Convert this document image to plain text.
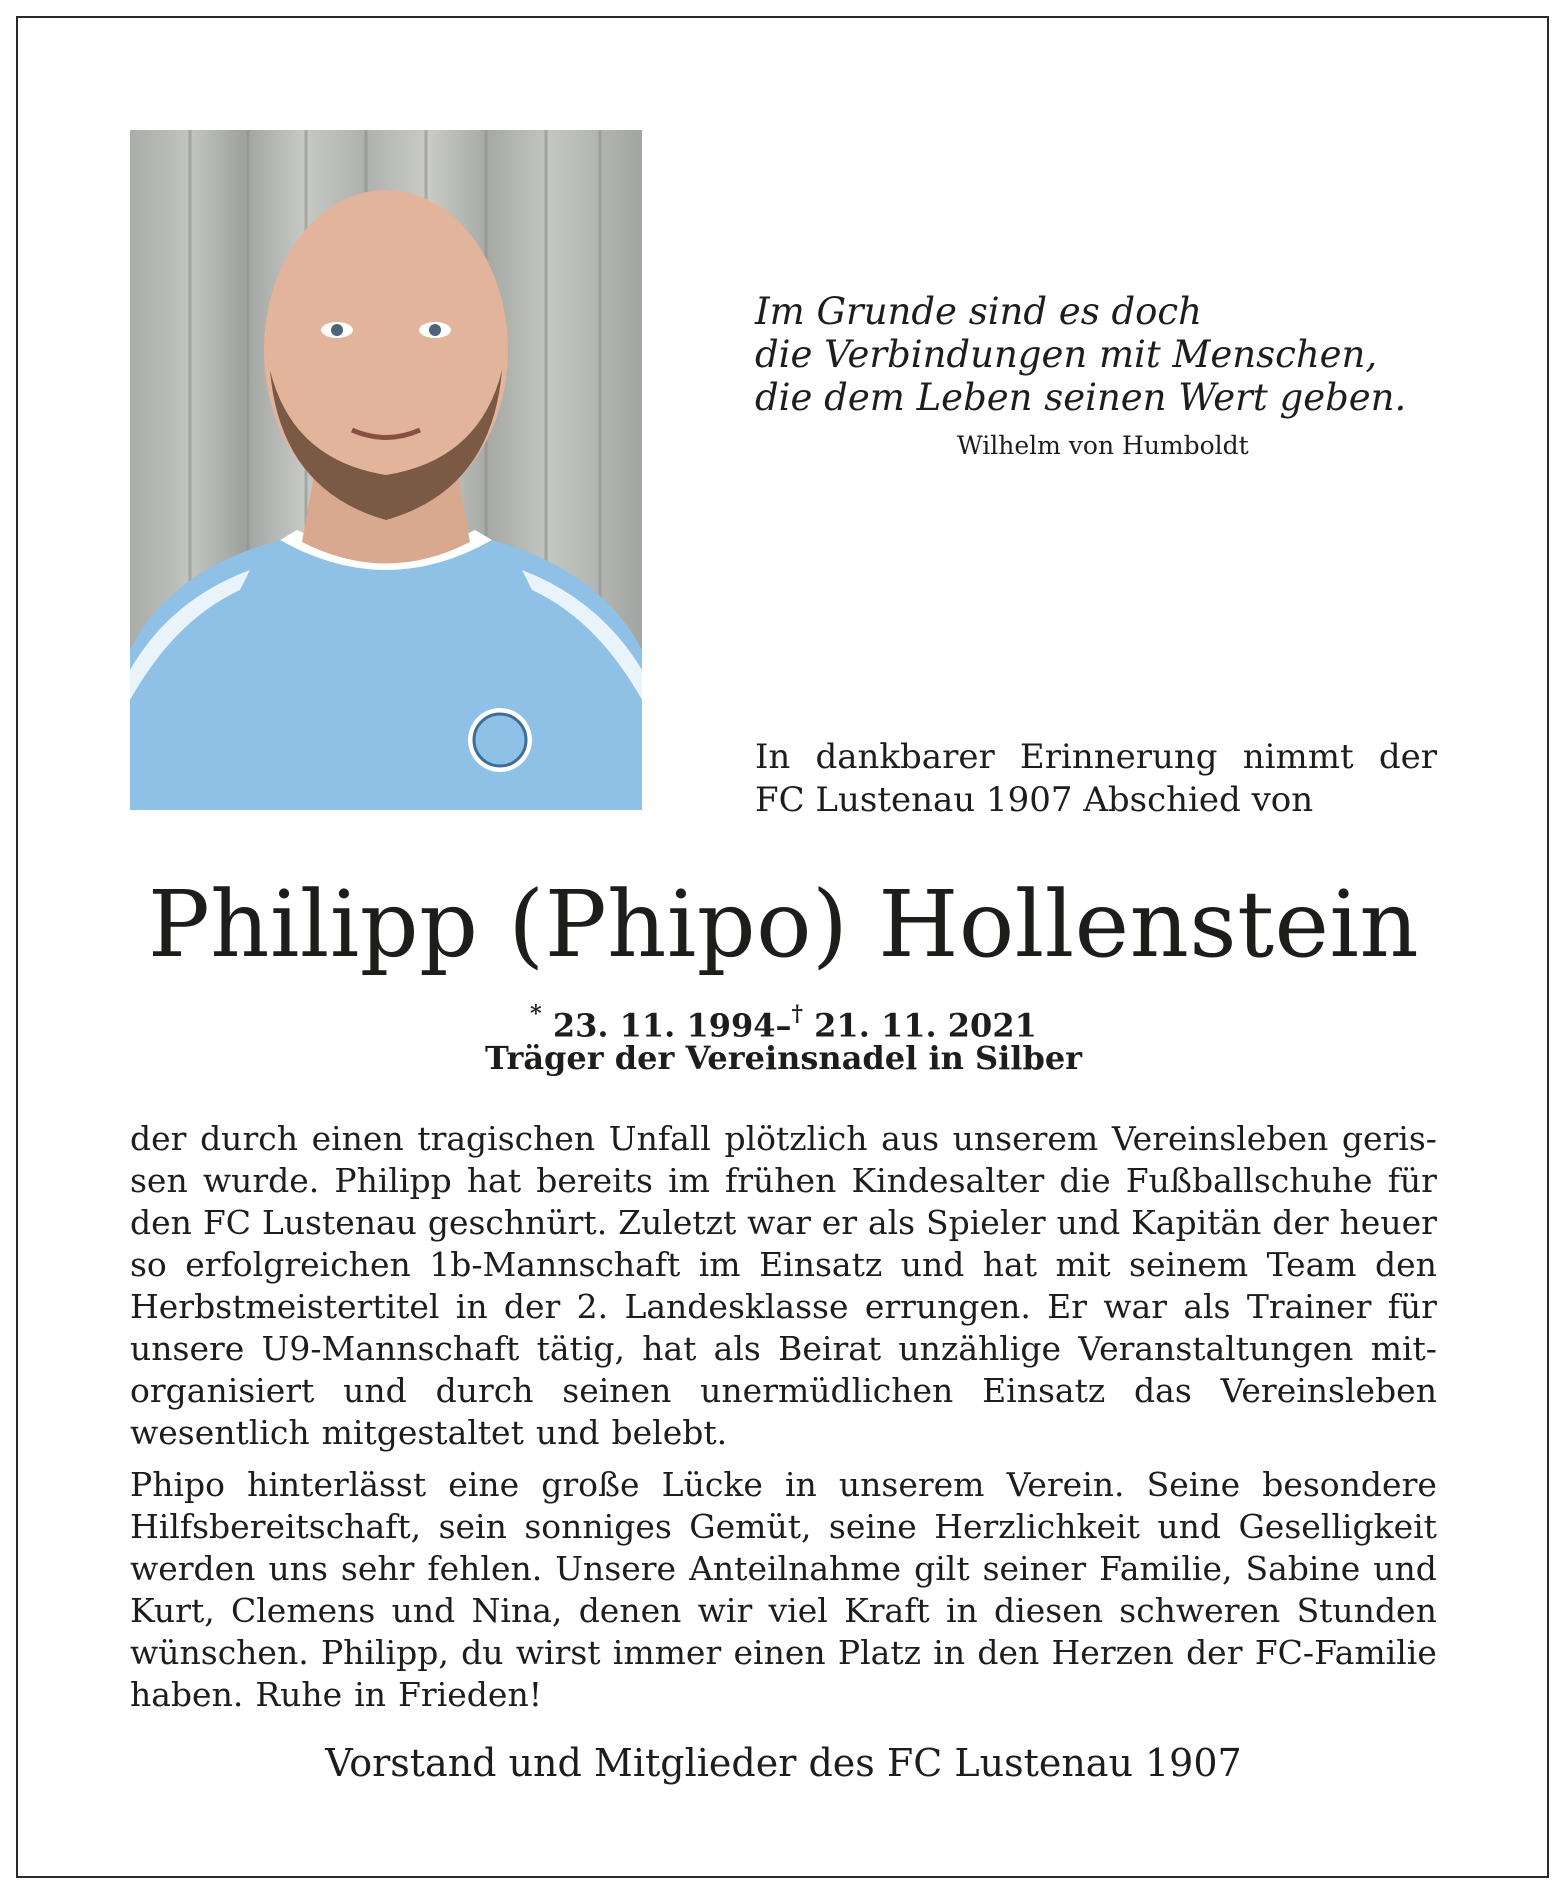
Im Grunde sind es doch
die Verbindungen mit Menschen,
die dem Leben seinen Wert geben.
Wilhelm von Humboldt
In dankbarer Erinnerung nimmt der
FC Lustenau 1907 Abschied von
Philipp (Phipo) Hollenstein
* 23. 11. 1994–† 21. 11. 2021
Träger der Vereinsnadel in Silber
der durch einen tragischen Unfall plötzlich aus unserem Vereinsleben geris-
sen wurde. Philipp hat bereits im frühen Kindesalter die Fußballschuhe für
den FC Lustenau geschnürt. Zuletzt war er als Spieler und Kapitän der heuer
so erfolgreichen 1b-Mannschaft im Einsatz und hat mit seinem Team den
Herbstmeistertitel in der 2. Landesklasse errungen. Er war als Trainer für
unsere U9-Mannschaft tätig, hat als Beirat unzählige Veranstaltungen mit-
organisiert und durch seinen unermüdlichen Einsatz das Vereinsleben
wesentlich mitgestaltet und belebt.
Phipo hinterlässt eine große Lücke in unserem Verein. Seine besondere
Hilfsbereitschaft, sein sonniges Gemüt, seine Herzlichkeit und Geselligkeit
werden uns sehr fehlen. Unsere Anteilnahme gilt seiner Familie, Sabine und
Kurt, Clemens und Nina, denen wir viel Kraft in diesen schweren Stunden
wünschen. Philipp, du wirst immer einen Platz in den Herzen der FC-Familie
haben. Ruhe in Frieden!
Vorstand und Mitglieder des FC Lustenau 1907
